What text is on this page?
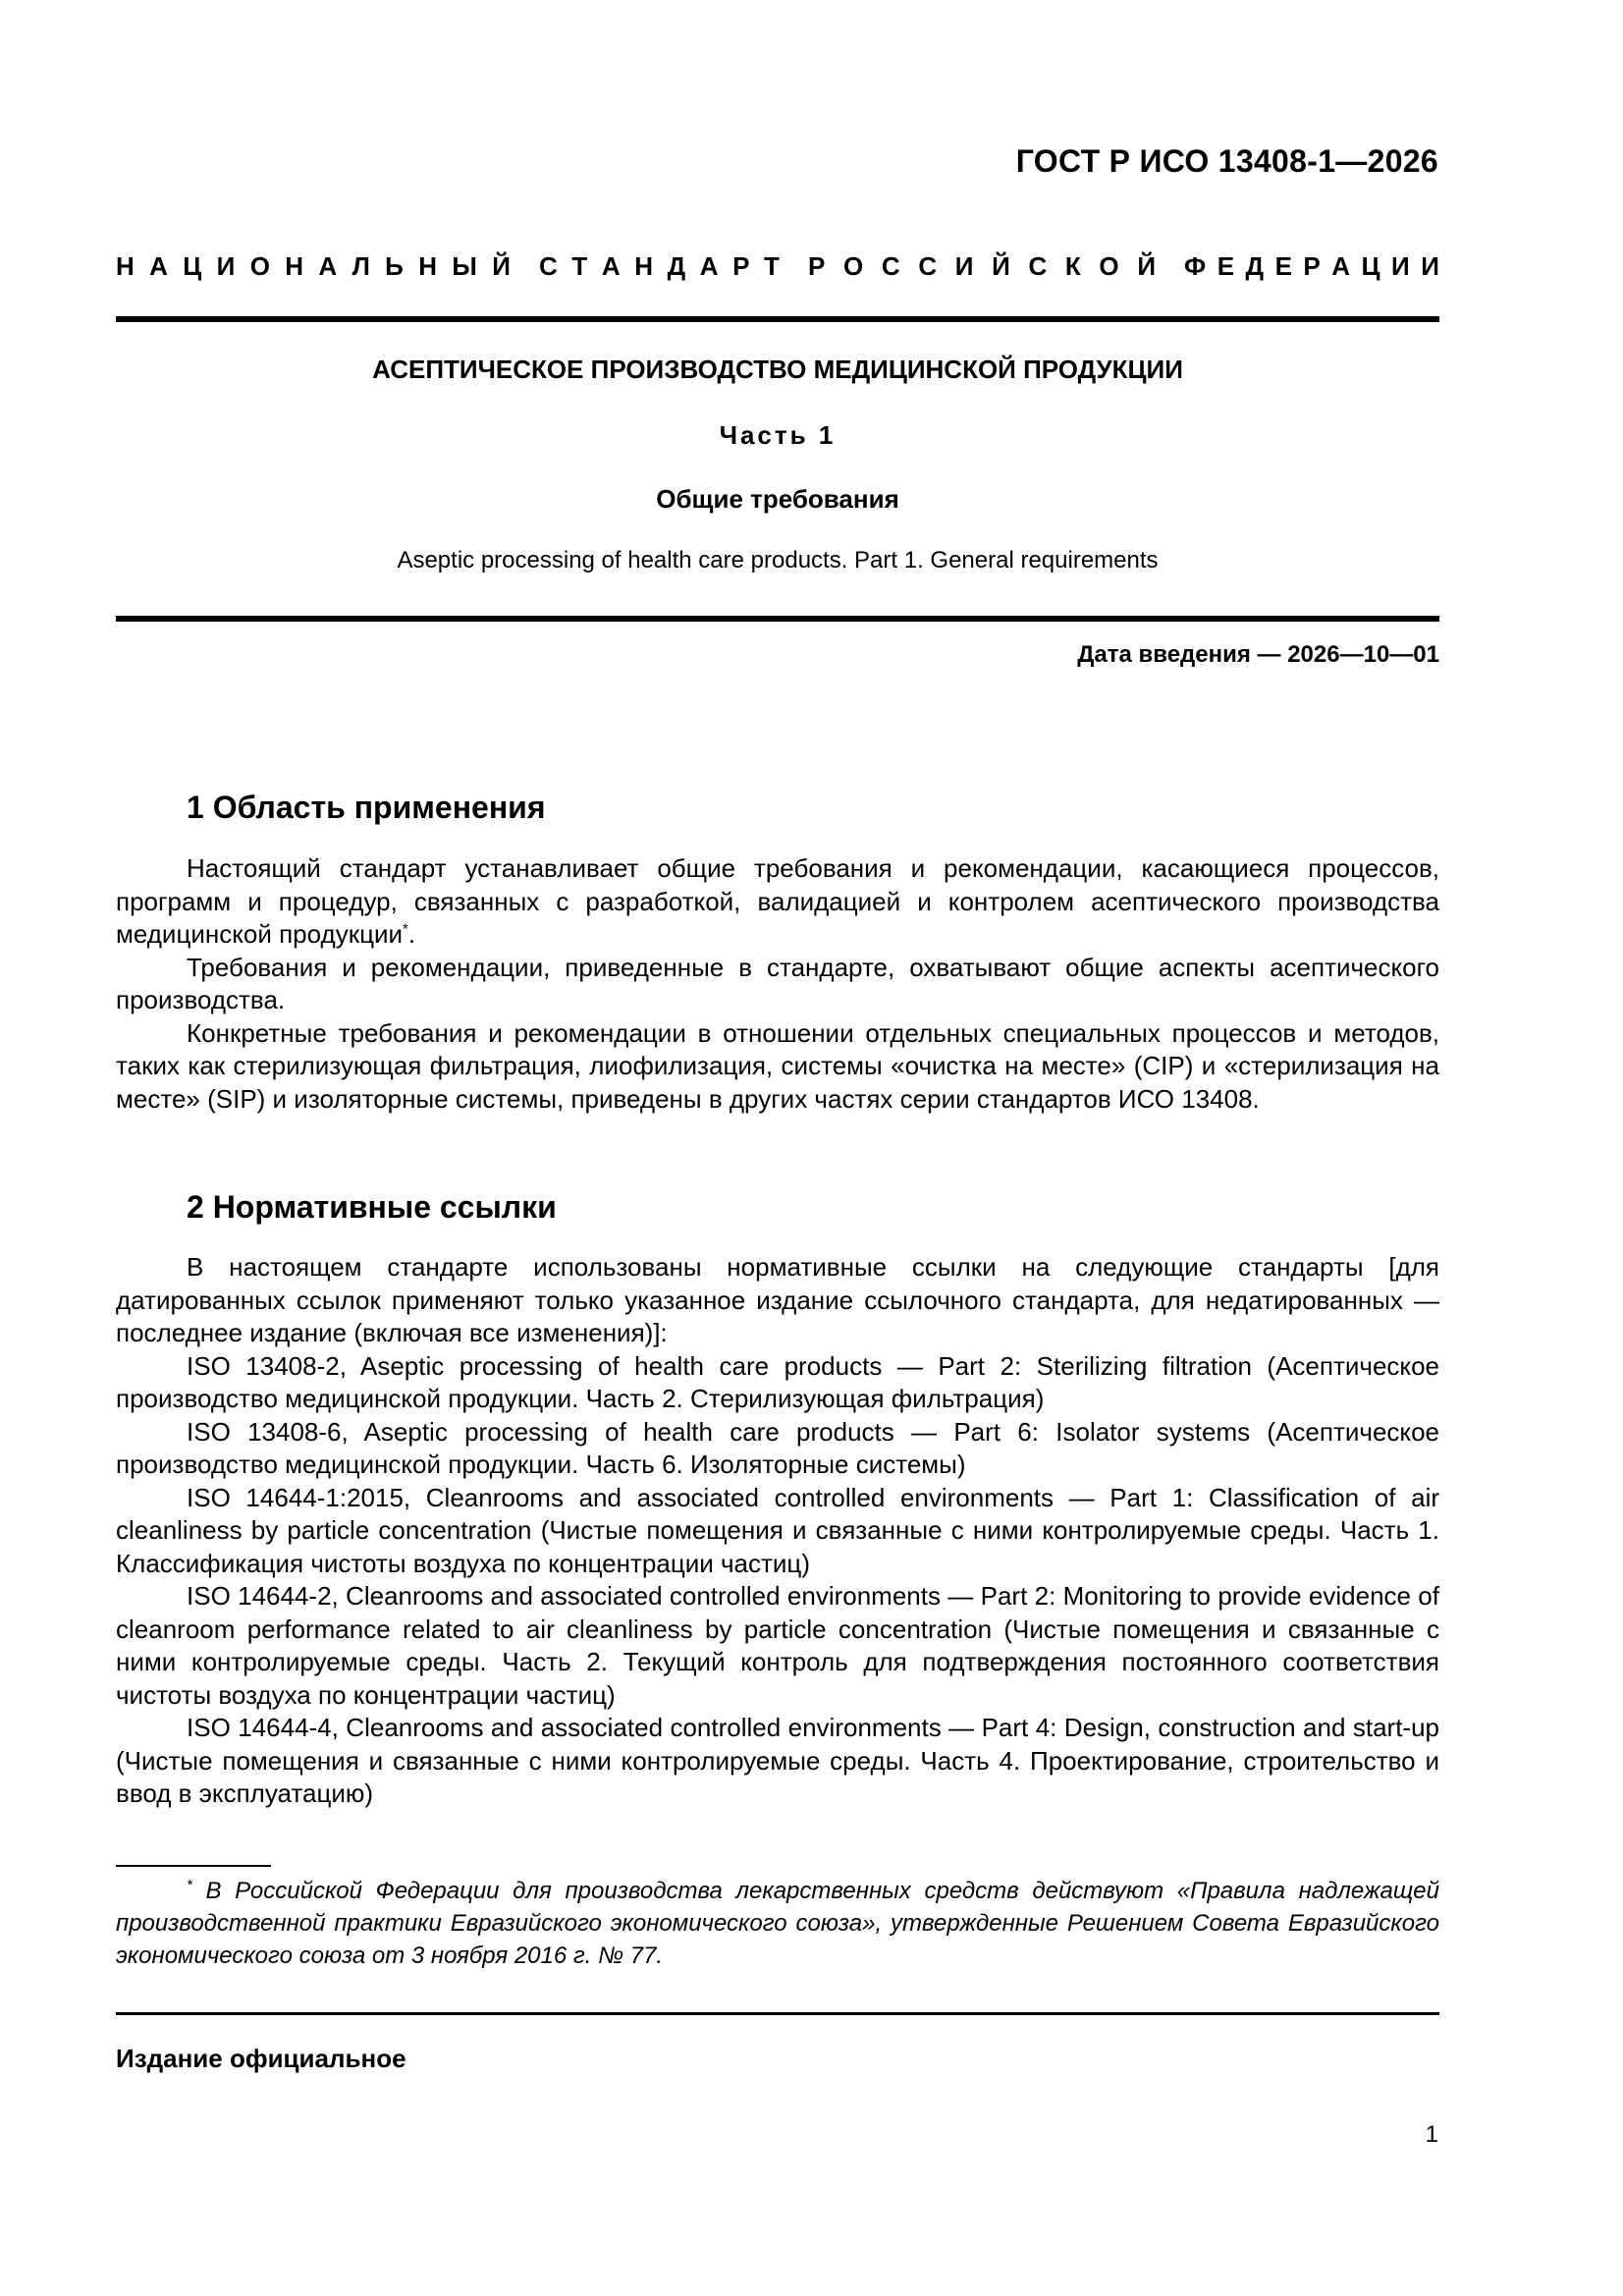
ГОСТ Р ИСО 13408-1—2026
Н А Ц И О Н А Л Ь Н Ы Й С Т А Н Д А Р Т Р О С С И Й С К О Й Ф Е Д Е Р А Ц И И
АСЕПТИЧЕСКОЕ ПРОИЗВОДСТВО МЕДИЦИНСКОЙ ПРОДУКЦИИ
Часть 1
Общие требования
Aseptic processing of health care products. Part 1. General requirements
Дата введения — 2026—10—01
1 Область применения

Настоящий стандарт устанавливает общие требования и рекомендации, касающиеся процессов, программ и процедур, связанных с разработкой, валидацией и контролем асептического производства медицинской продукции*.

Требования и рекомендации, приведенные в стандарте, охватывают общие аспекты асептического производства.

Конкретные требования и рекомендации в отношении отдельных специальных процессов и методов, таких как стерилизующая фильтрация, лиофилизация, системы «очистка на месте» (CIP) и «стерилизация на месте» (SIP) и изоляторные системы, приведены в других частях серии стандартов ИСО 13408.

2 Нормативные ссылки

В настоящем стандарте использованы нормативные ссылки на следующие стандарты [для датированных ссылок применяют только указанное издание ссылочного стандарта, для недатированных — последнее издание (включая все изменения)]:

ISO 13408-2, Aseptic processing of health care products — Part 2: Sterilizing filtration (Асептическое производство медицинской продукции. Часть 2. Стерилизующая фильтрация)

ISO 13408-6, Aseptic processing of health care products — Part 6: Isolator systems (Асептическое производство медицинской продукции. Часть 6. Изоляторные системы)

ISO 14644-1:2015, Cleanrooms and associated controlled environments — Part 1: Classification of air cleanliness by particle concentration (Чистые помещения и связанные с ними контролируемые среды. Часть 1. Классификация чистоты воздуха по концентрации частиц)

ISO 14644-2, Cleanrooms and associated controlled environments — Part 2: Monitoring to provide evidence of cleanroom performance related to air cleanliness by particle concentration (Чистые помещения и связанные с ними контролируемые среды. Часть 2. Текущий контроль для подтверждения постоянного соответствия чистоты воздуха по концентрации частиц)

ISO 14644-4, Cleanrooms and associated controlled environments — Part 4: Design, construction and start-up (Чистые помещения и связанные с ними контролируемые среды. Часть 4. Проектирование, строительство и ввод в эксплуатацию)

* В Российской Федерации для производства лекарственных средств действуют «Правила надлежащей производственной практики Евразийского экономического союза», утвержденные Решением Совета Евразийского экономического союза от 3 ноября 2016 г. № 77.
Издание официальное
1
